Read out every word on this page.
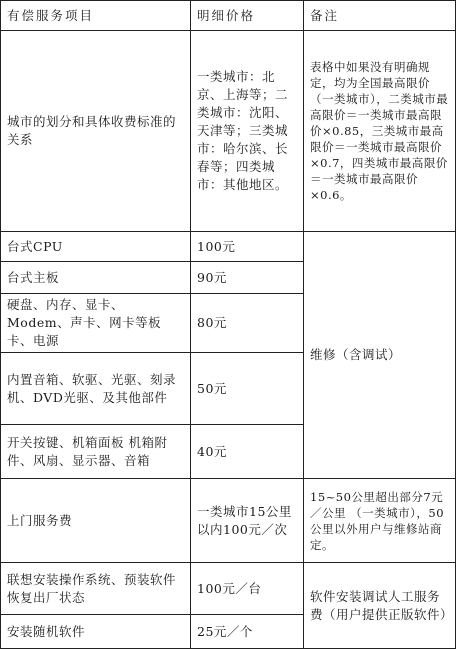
有偿服务项目	明细价格	备注
城市的划分和具体收费标准的关系	一类城市：北京、上海等；二类城市：沈阳、天津等；三类城市：哈尔滨、长春等；四类城市：其他地区。	表格中如果没有明确规定，均为全国最高限价（一类城市），二类城市最高限价＝一类城市最高限价×0.85，三类城市最高限价＝一类城市最高限价×0.7，四类城市最高限价＝一类城市最高限价×0.6。
台式CPU	100元	维修（含调试）
台式主板	90元	
硬盘、内存、显卡、Modem、声卡、网卡等板卡、电源	80元	
内置音箱、软驱、光驱、刻录机、DVD光驱、及其他部件	50元	
开关按键、机箱面板 机箱附件、风扇、显示器、音箱	40元	
上门服务费	一类城市15公里以内100元／次	15~50公里超出部分7元／公里 （一类城市），50公里以外用户与维修站商定。
联想安装操作系统、预装软件恢复出厂状态	100元／台	软件安装调试人工服务费（用户提供正版软件）
安装随机软件	25元／个	
